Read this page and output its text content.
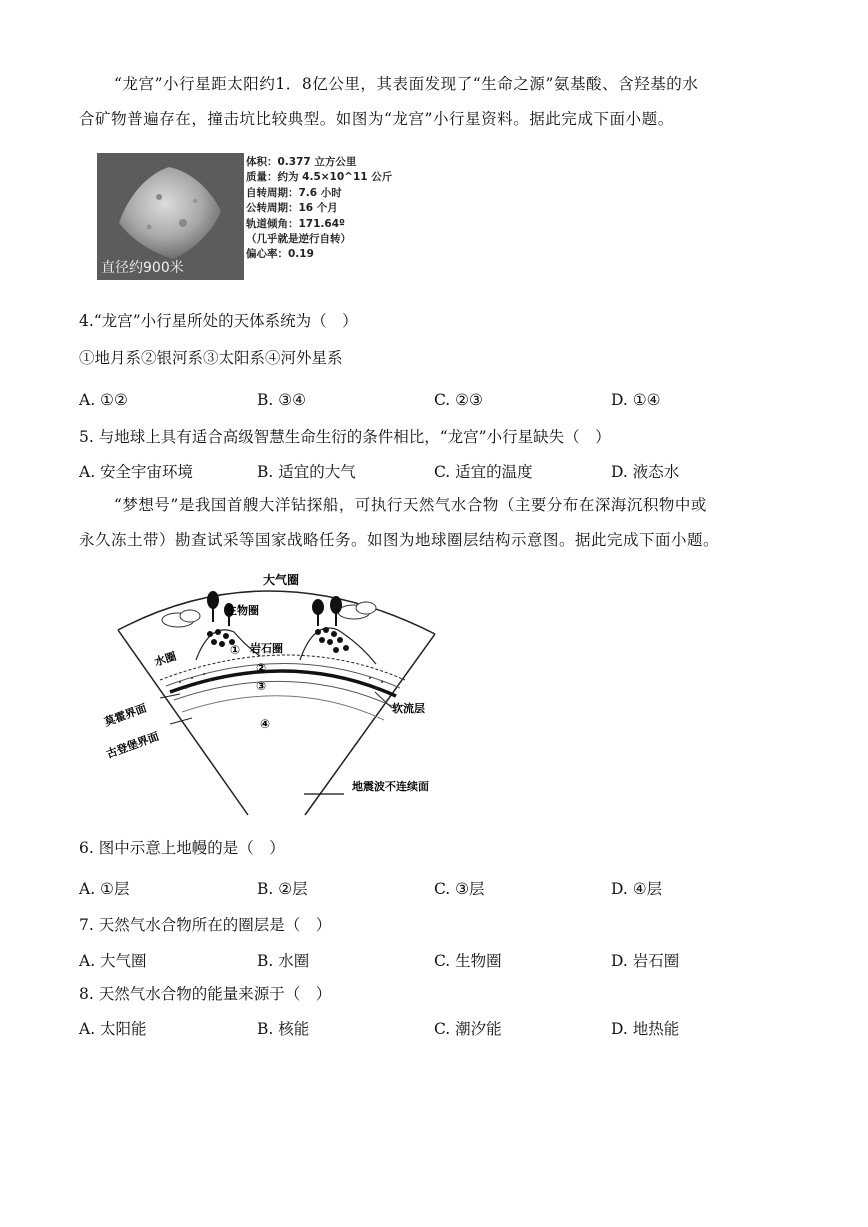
“龙宫”小行星距太阳约1．8亿公里，其表面发现了“生命之源”氨基酸、含羟基的水
合矿物普遍存在，撞击坑比较典型。如图为“龙宫”小行星资料。据此完成下面小题。
直径约900米
体积：0.377 立方公里
质量：约为 4.5×10^11 公斤
自转周期：7.6 小时
公转周期：16 个月
轨道倾角：171.64º
（几乎就是逆行自转）
偏心率：0.19
4.“龙宫”小行星所处的天体系统为（　）
①地月系②银河系③太阳系④河外星系
A. ①②	B. ③④	C. ②③	D. ①④
5. 与地球上具有适合高级智慧生命生衍的条件相比，“龙宫”小行星缺失（　）
A. 安全宇宙环境	B. 适宜的大气	C. 适宜的温度	D. 液态水
“梦想号”是我国首艘大洋钻探船，可执行天然气水合物（主要分布在深海沉积物中或
永久冻土带）勘查试采等国家战略任务。如图为地球圈层结构示意图。据此完成下面小题。
大气圈
生物圈
水圈	① 岩石圈
②
③
④
软流层
莫霍界面
古登堡界面
地震波不连续面
6. 图中示意上地幔的是（　）
A. ①层	B. ②层	C. ③层	D. ④层
7. 天然气水合物所在的圈层是（　）
A. 大气圈	B. 水圈	C. 生物圈	D. 岩石圈
8. 天然气水合物的能量来源于（　）
A. 太阳能	B. 核能	C. 潮汐能	D. 地热能
